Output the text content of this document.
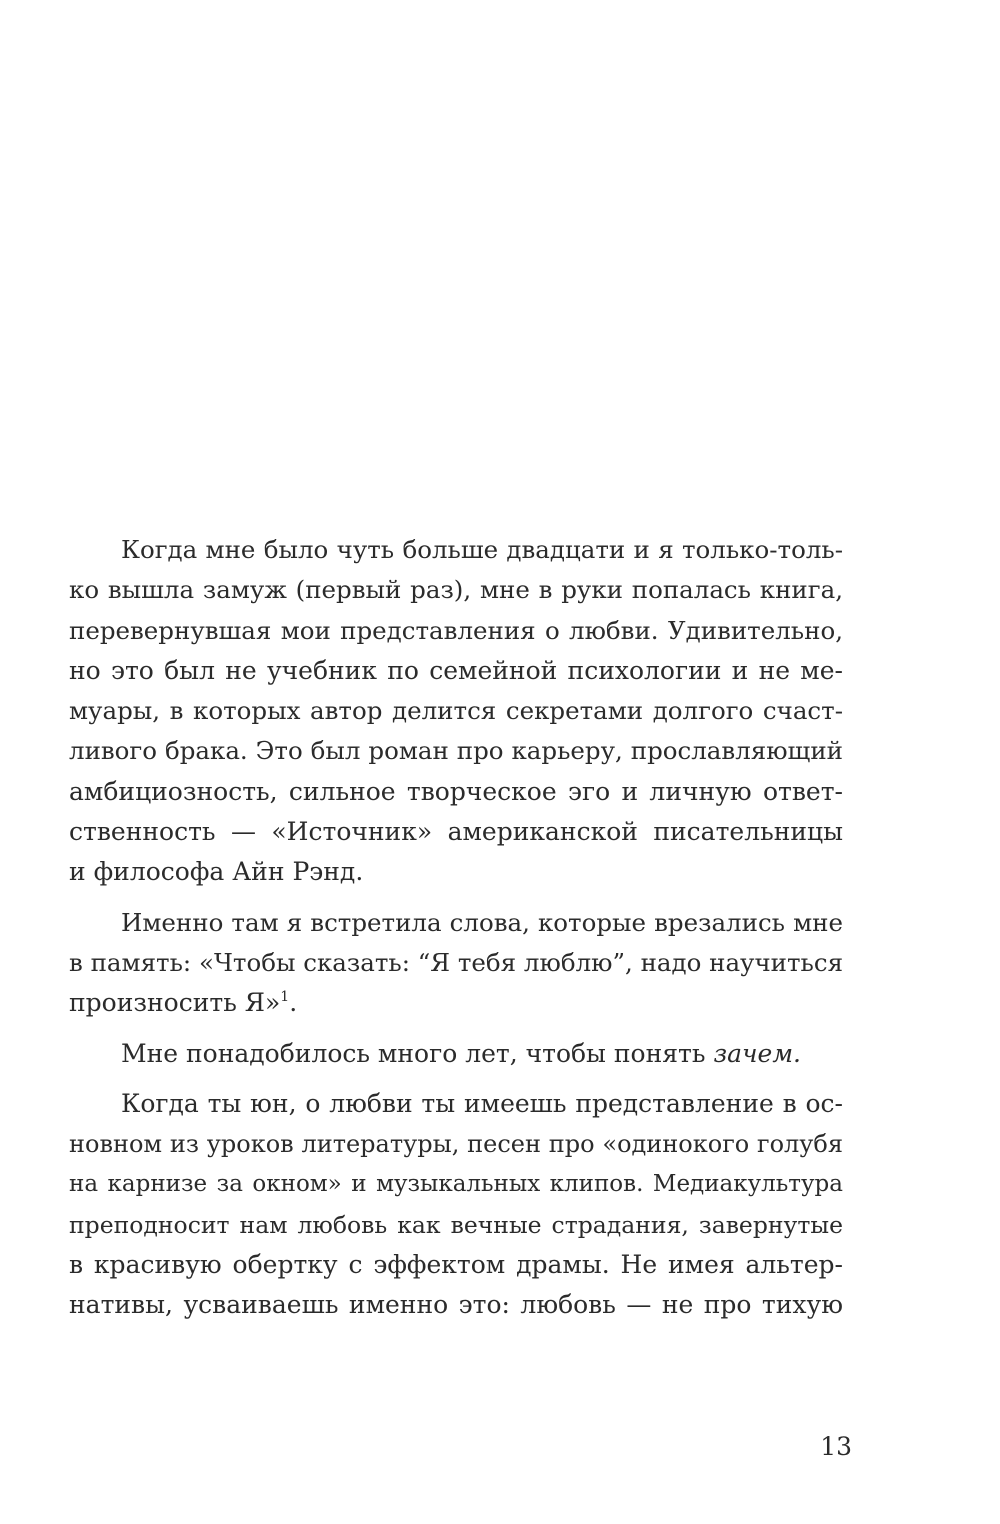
Когда мне было чуть больше двадцати и я только-толь-
ко вышла замуж (первый раз), мне в руки попалась книга,
перевернувшая мои представления о любви. Удивительно,
но это был не учебник по семейной психологии и не ме-
муары, в которых автор делится секретами долгого счаст-
ливого брака. Это был роман про карьеру, прославляющий
амбициозность, сильное творческое эго и личную ответ-
ственность — «Источник» американской писательницы
и философа Айн Рэнд.

Именно там я встретила слова, которые врезались мне
в память: «Чтобы сказать: “Я тебя люблю”, надо научиться
произносить Я»$^1$.

Мне понадобилось много лет, чтобы понять зачем.

Когда ты юн, о любви ты имеешь представление в ос-
новном из уроков литературы, песен про «одинокого голубя
на карнизе за окном» и музыкальных клипов. Медиакультура
преподносит нам любовь как вечные страдания, завернутые
в красивую обертку с эффектом драмы. Не имея альтер-
нативы, усваиваешь именно это: любовь — не про тихую

13
